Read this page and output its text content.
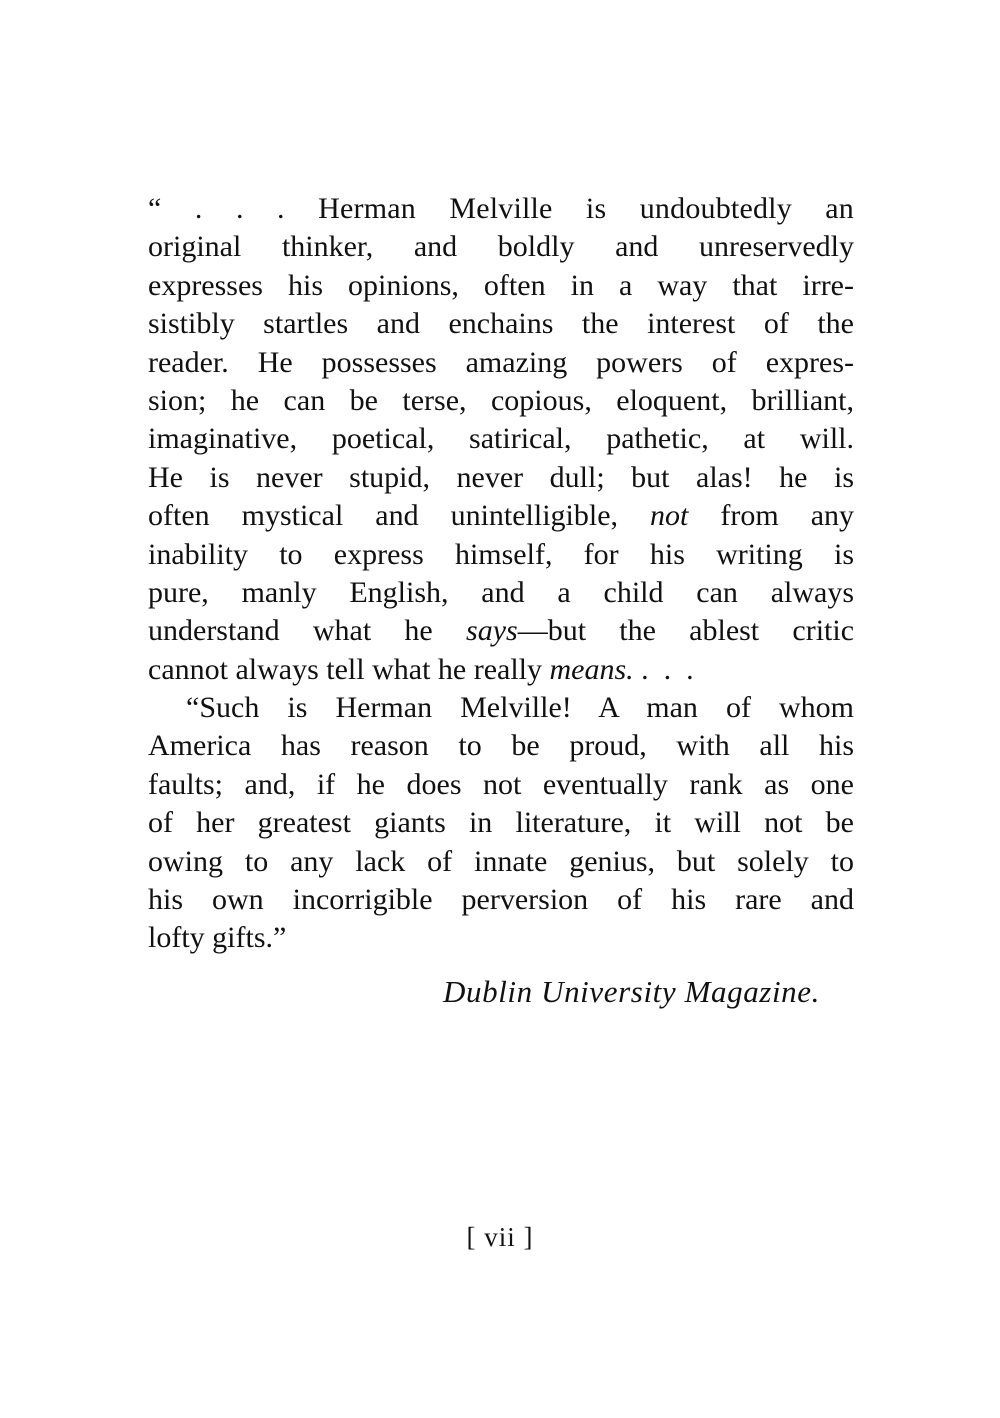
“ . . . Herman Melville is undoubtedly an
original thinker, and boldly and unreservedly
expresses his opinions, often in a way that irre-
sistibly startles and enchains the interest of the
reader. He possesses amazing powers of expres-
sion; he can be terse, copious, eloquent, brilliant,
imaginative, poetical, satirical, pathetic, at will.
He is never stupid, never dull; but alas! he is
often mystical and unintelligible, not from any
inability to express himself, for his writing is
pure, manly English, and a child can always
understand what he says—but the ablest critic
cannot always tell what he really means. .  .  .
“Such is Herman Melville! A man of whom
America has reason to be proud, with all his
faults; and, if he does not eventually rank as one
of her greatest giants in literature, it will not be
owing to any lack of innate genius, but solely to
his own incorrigible perversion of his rare and
lofty gifts.”
Dublin University Magazine.
[ vii ]
